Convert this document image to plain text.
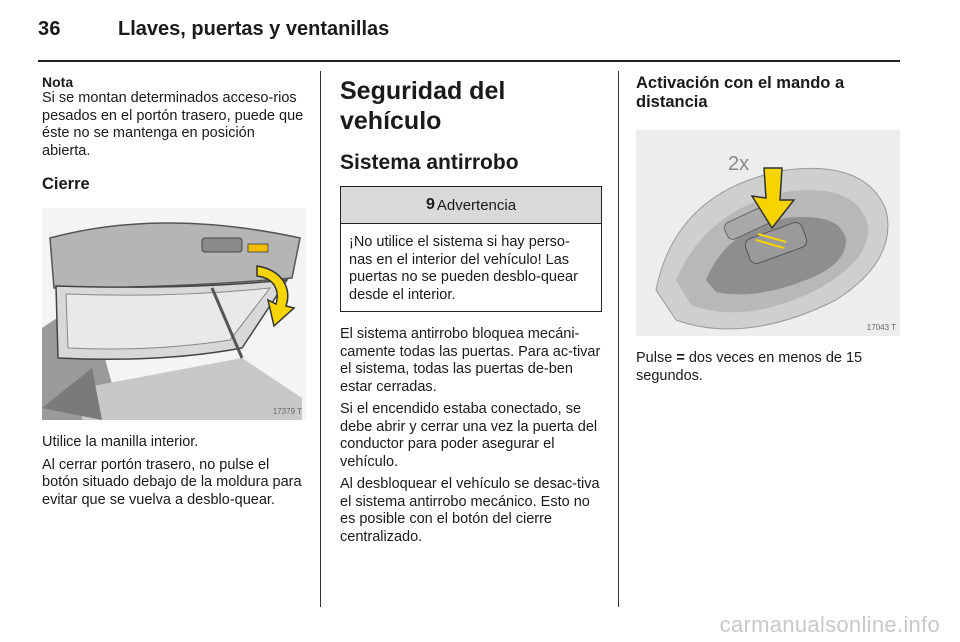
36	Llaves, puertas y ventanillas
Nota

Si se montan determinados acceso-rios pesados en el portón trasero, puede que éste no se mantenga en posición abierta.

Cierre
17379 T

Utilice la manilla interior.

Al cerrar portón trasero, no pulse el botón situado debajo de la moldura para evitar que se vuelva a desblo-quear.

Seguridad del vehículo
Sistema antirrobo
9 Advertencia
¡No utilice el sistema si hay perso-nas en el interior del vehículo! Las puertas no se pueden desblo-quear desde el interior.

El sistema antirrobo bloquea mecáni-camente todas las puertas. Para ac-tivar el sistema, todas las puertas de-ben estar cerradas.

Si el encendido estaba conectado, se debe abrir y cerrar una vez la puerta del conductor para poder asegurar el vehículo.

Al desbloquear el vehículo se desac-tiva el sistema antirrobo mecánico. Esto no es posible con el botón del cierre centralizado.

Activación con el mando a distancia
2x
17043 T

Pulse = dos veces en menos de 15 segundos.

carmanualsonline.info
